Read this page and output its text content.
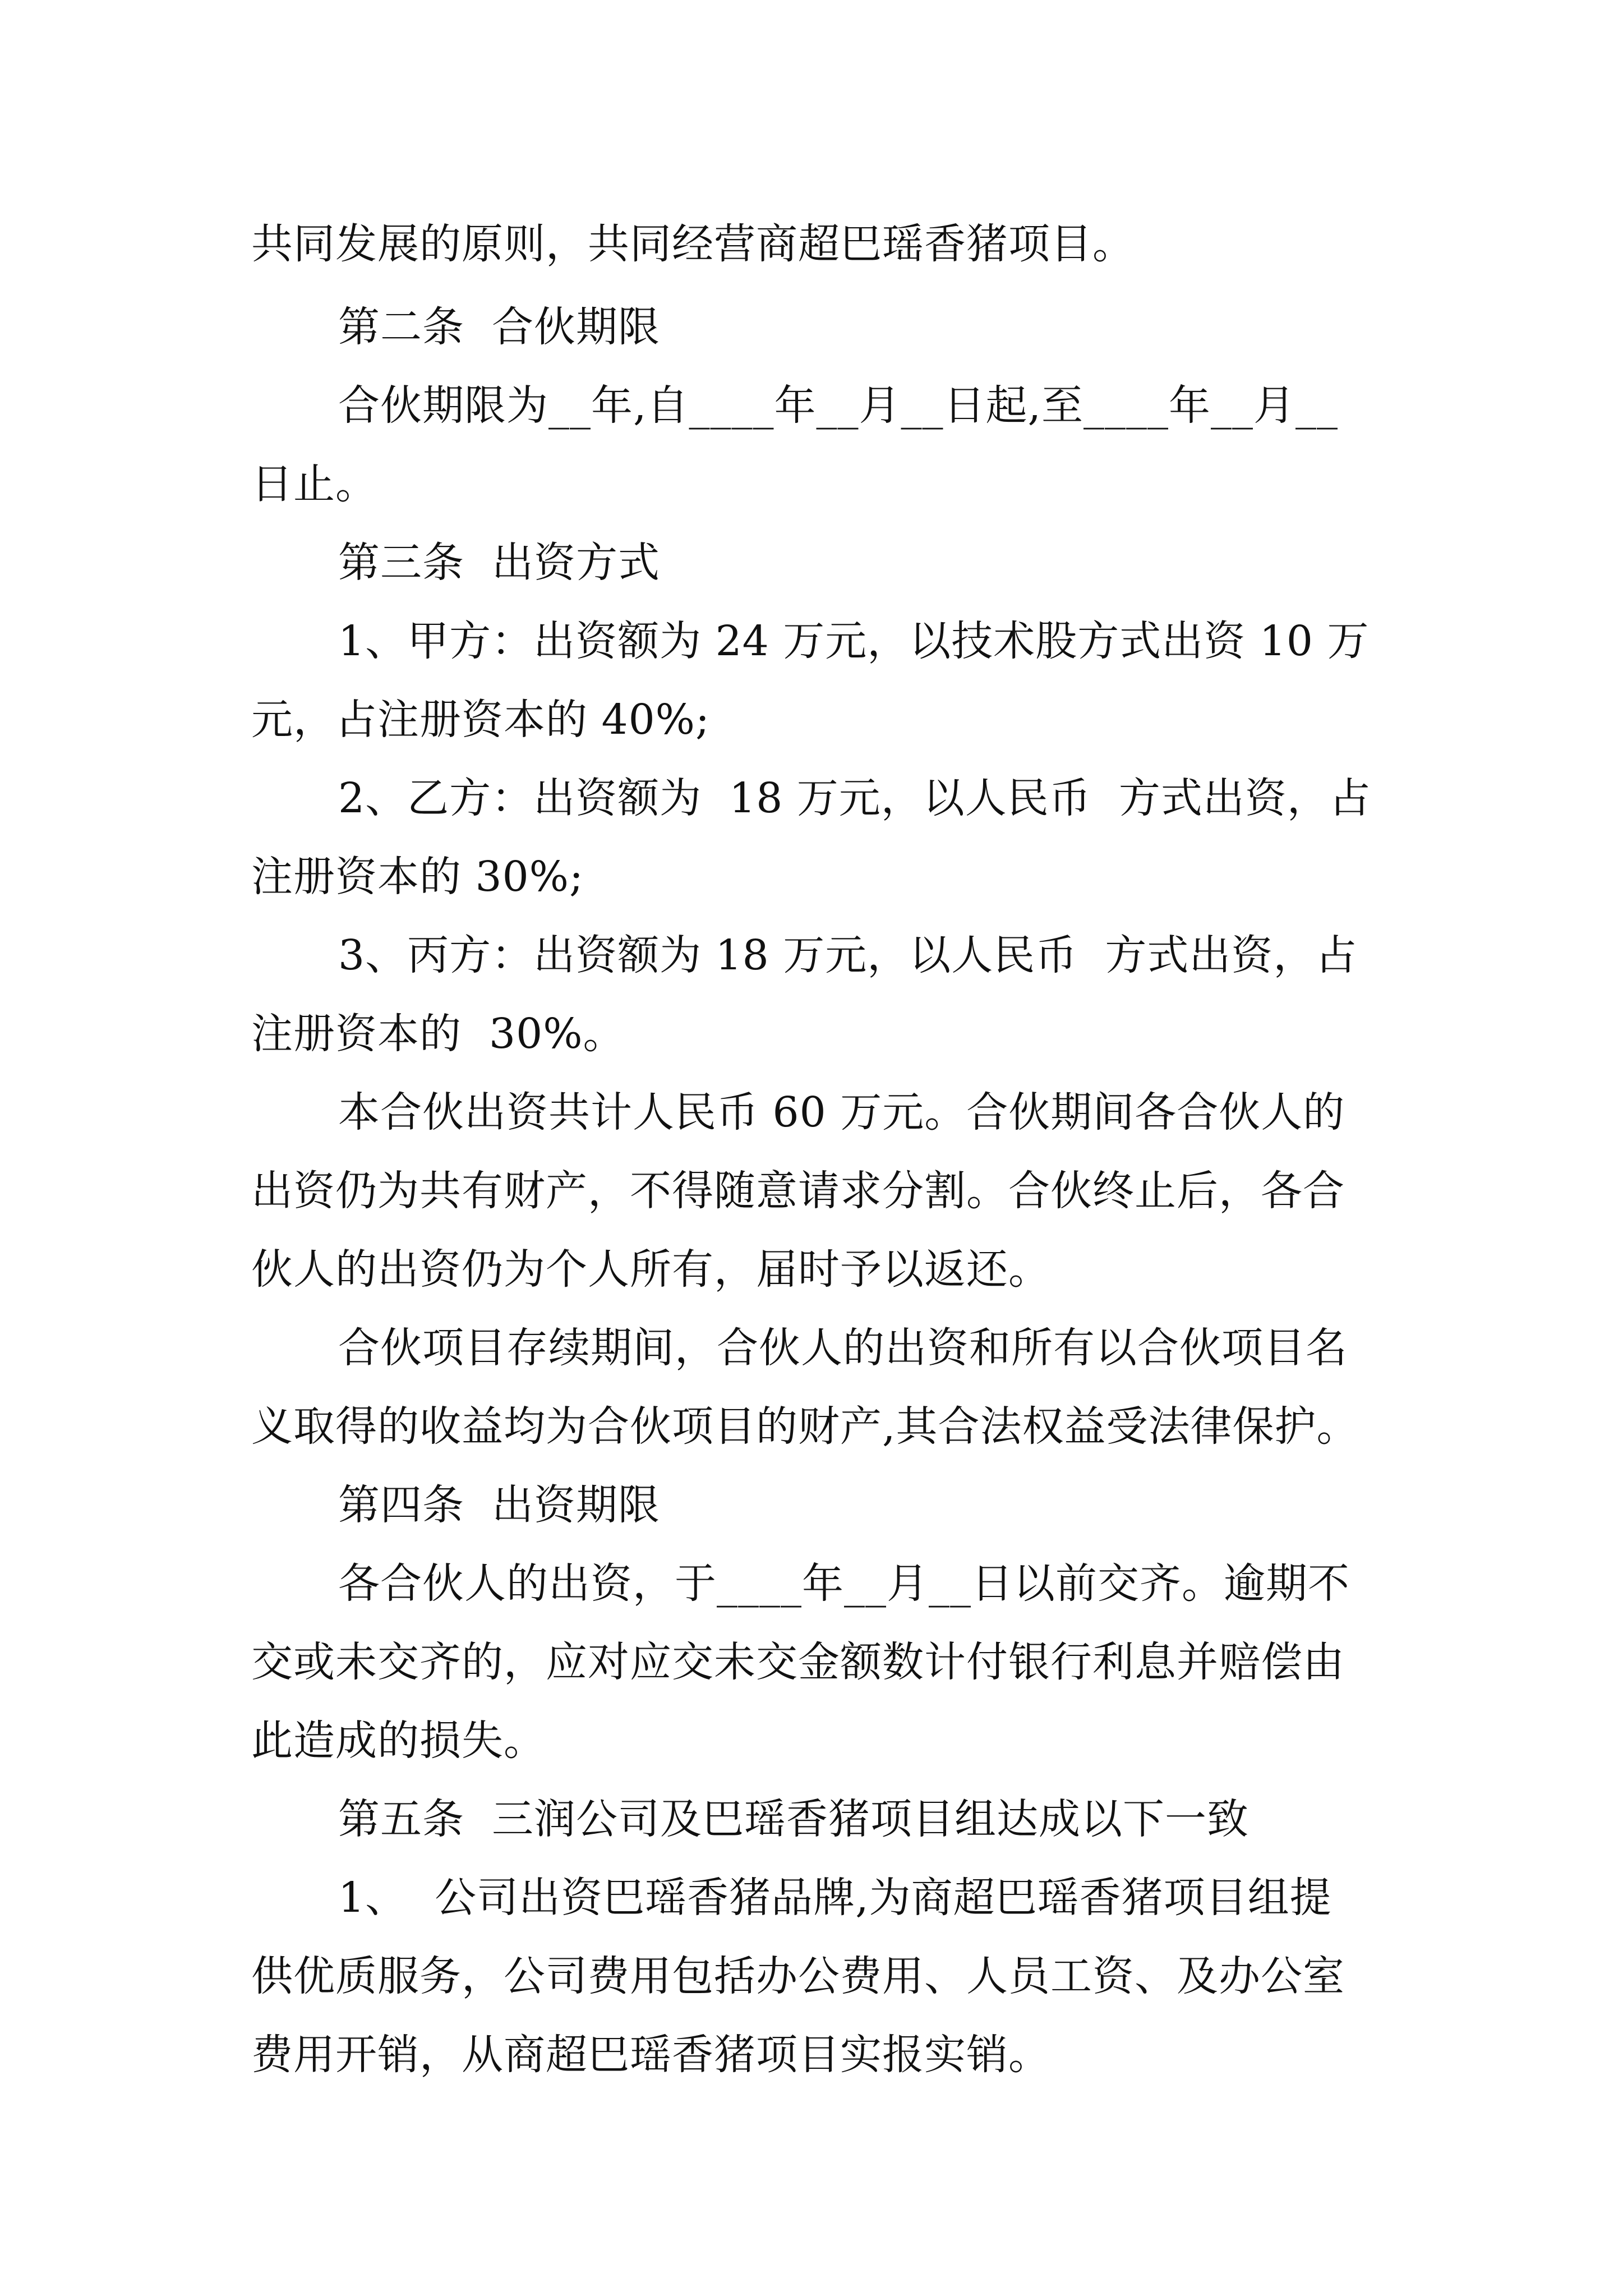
共同发展的原则，共同经营商超巴瑶香猪项目。
第二条  合伙期限
合伙期限为__年,自____年__月__日起,至____年__月__
日止。
第三条  出资方式
1、甲方：出资额为 24 万元，以技术股方式出资 10 万
元，占注册资本的 40%;
2、乙方：出资额为  18 万元，以人民币  方式出资，占
注册资本的 30%;
3、丙方：出资额为 18 万元，以人民币  方式出资，占
注册资本的  30%。
本合伙出资共计人民币 60 万元。合伙期间各合伙人的
出资仍为共有财产，不得随意请求分割。合伙终止后，各合
伙人的出资仍为个人所有，届时予以返还。
合伙项目存续期间，合伙人的出资和所有以合伙项目名
义取得的收益均为合伙项目的财产,其合法权益受法律保护。
第四条  出资期限
各合伙人的出资，于____年__月__日以前交齐。逾期不
交或未交齐的，应对应交未交金额数计付银行利息并赔偿由
此造成的损失。
第五条  三润公司及巴瑶香猪项目组达成以下一致
1、  公司出资巴瑶香猪品牌,为商超巴瑶香猪项目组提
供优质服务，公司费用包括办公费用、人员工资、及办公室
费用开销，从商超巴瑶香猪项目实报实销。
